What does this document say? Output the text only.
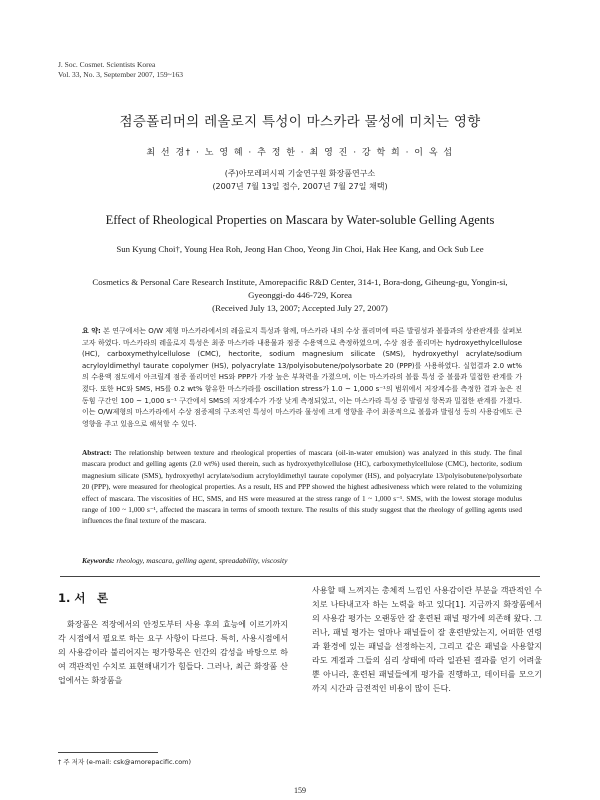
J. Soc. Cosmet. Scientists Korea
Vol. 33, No. 3, September 2007, 159~163
점증폴리머의 레올로지 특성이 마스카라 물성에 미치는 영향
최 선 경† · 노 영 혜 · 추 정 한 · 최 영 진 · 강 학 희 · 이 옥 섭
(주)아모레퍼시픽 기술연구원 화장품연구소
(2007년 7월 13일 접수, 2007년 7월 27일 채택)
Effect of Rheological Properties on Mascara by Water-soluble Gelling Agents
Sun Kyung Choi†, Young Hea Roh, Jeong Han Choo, Yeong Jin Choi, Hak Hee Kang, and Ock Sub Lee
Cosmetics & Personal Care Research Institute, Amorepacific R&D Center, 314-1, Bora-dong, Giheung-gu, Yongin-si,
Gyeonggi-do 446-729, Korea
(Received July 13, 2007; Accepted July 27, 2007)
요 약: 본 연구에서는 O/W 제형 마스카라에서의 레올로지 특성과 함께, 마스카라 내의 수상 폴리머에 따른 발림성과 볼륨과의 상관관계를 살펴보고자 하였다. 마스카라의 레올로지 특성은 최종 마스카라 내용물과 점증 수용액으로 측정하였으며, 수상 점증 폴리머는 hydroxyethylcellulose (HC), carboxymethylcellulose (CMC), hectorite, sodium magnesium silicate (SMS), hydroxyethyl acrylate/sodium acryloyldimethyl taurate copolymer (HS), polyacrylate 13/polyisobutene/polysorbate 20 (PPP)를 사용하였다. 실험결과 2.0 wt%의 수용액 점도에서 아크릴계 점증 폴리머인 HS와 PPP가 가장 높은 부착력을 가졌으며, 이는 마스카라의 볼륨 특성 중 볼륨과 밀접한 관계를 가졌다. 또한 HC와 SMS, HS를 0.2 wt% 함유한 마스카라를 oscillation stress가 1.0 ~ 1,000 s⁻¹의 범위에서 저장계수를 측정한 결과 높은 진동힘 구간인 100 ~ 1,000 s⁻¹ 구간에서 SMS의 저장계수가 가장 낮게 측정되었고, 이는 마스카라 특성 중 발림성 항목과 밀접한 관계를 가졌다. 이는 O/W제형의 마스카라에서 수상 점증제의 구조적인 특성이 마스카라 물성에 크게 영향을 주어 최종적으로 볼륨과 발림성 등의 사용감에도 큰 영향을 주고 있음으로 해석할 수 있다.
Abstract: The relationship between texture and rheological properties of mascara (oil-in-water emulsion) was analyzed in this study. The final mascara product and gelling agents (2.0 wt%) used therein, such as hydroxyethylcellulose (HC), carboxymethylcellulose (CMC), hectorite, sodium magnesium silicate (SMS), hydroxyethyl acrylate/sodium acryloyldimethyl taurate copolymer (HS), and polyacrylate 13/polyisobutene/polysorbate 20 (PPP), were measured for rheological properties. As a result, HS and PPP showed the highest adhesiveness which were related to the volumizing effect of mascara. The viscosities of HC, SMS, and HS were measured at the stress range of 1 ~ 1,000 s⁻¹. SMS, with the lowest storage modulus range of 100 ~ 1,000 s⁻¹, affected the mascara in terms of smooth texture. The results of this study suggest that the rheology of gelling agents used influences the final texture of the mascara.
Keywords: rheology, mascara, gelling agent, spreadability, viscosity
1. 서　론

화장품은 적장에서의 안정도부터 사용 후의 효능에 이르기까지 각 시점에서 필요로 하는 요구 사항이 다르다. 특히, 사용시점에서의 사용감이라 불리어지는 평가항목은 인간의 감성을 바탕으로 하여 객관적인 수치로 표현해내기가 힘들다. 그러나, 최근 화장품 산업에서는 화장품을

사용할 때 느껴지는 총체적 느낌인 사용감이란 부분을 객관적인 수치로 나타내고자 하는 노력을 하고 있다[1]. 지금까지 화장품에서의 사용감 평가는 오랜동안 잘 훈련된 패널 평가에 의존해 왔다. 그러나, 패널 평가는 얼마나 패널들이 잘 훈련받았는지, 어떠한 연령과 환경에 있는 패널을 선정하는지, 그리고 같은 패널을 사용할지라도 계절과 그들의 심리 상태에 따라 일관된 결과를 얻기 어려울 뿐 아니라, 훈련된 패널들에게 평가를 진행하고, 데이터를 모으기까지 시간과 금전적인 비용이 많이 든다.

† 주 저자 (e-mail: csk@amorepacific.com)
159
